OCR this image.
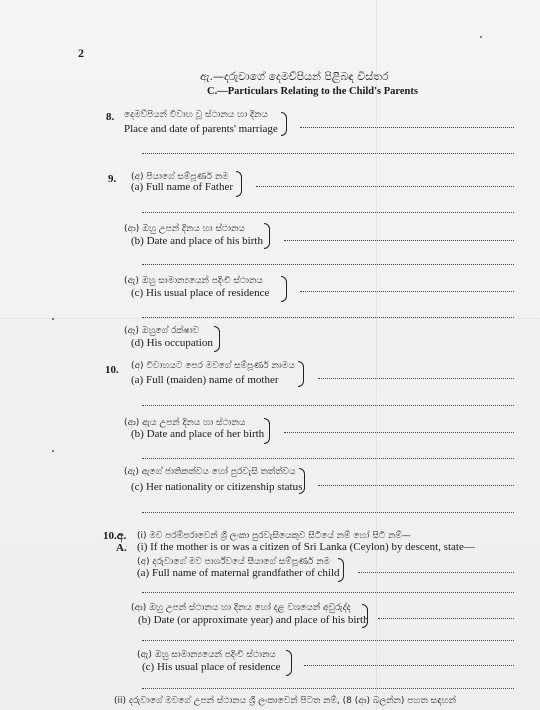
2
ඇ.—දරුවාගේ දෙමව්පියන් පිළිබඳ විස්තර
C.—Particulars Relating to the Child's Parents
8. දෙමව්පියන් විවාහ වූ ස්ථානය හා දිනය
Place and date of parents' marriage
9. (අ) පියාගේ සම්පූර්ණ නම
(a) Full name of Father
(ආ) ඔහු උපන් දිනය හා ස්ථානය
(b) Date and place of his birth
(ඇ) ඔහු සාමාන්‍යයෙන් පදිංචි ස්ථානය
(c) His usual place of residence
(ඈ) ඔහුගේ රක්ෂාව
(d) His occupation
10. (අ) විවාහයට පෙර මවගේ සම්පූර්ණ නාමය
(a) Full (maiden) name of mother
(ආ) ඇය උපන් දිනය හා ස්ථානය
(b) Date and place of her birth
(ඇ) ඇගේ ජාතිකත්වය හෝ පුරවැසි තත්ත්වය
(c) Her nationality or citizenship status
10.අ. (i) මව පරම්පරාවෙන් ශ්‍රී ලංකා පුරවැසියෙකුව සිටියේ නම් හෝ සිටි නම්—
A. (i) If the mother is or was a citizen of Sri Lanka (Ceylon) by descent, state—
(අ) දරුවාගේ මව පාර්ශ්වයේ සීයාගේ සම්පූර්ණ නම
(a) Full name of maternal grandfather of child
(ආ) ඔහු උපන් ස්ථානය හා දිනය හෝ දළ වශයෙන් අවුරුද්ද
(b) Date (or approximate year) and place of his birth
(ඇ) ඔහු සාමාන්‍යයෙන් පදිංචි ස්ථානය
(c) His usual place of residence
(ii) දරුවාගේ මවගේ උපන් ස්ථානය ශ්‍රී ලංකාවෙන් පිටත නම්, (8 (ආ) බලන්න) පහත සඳහන්
